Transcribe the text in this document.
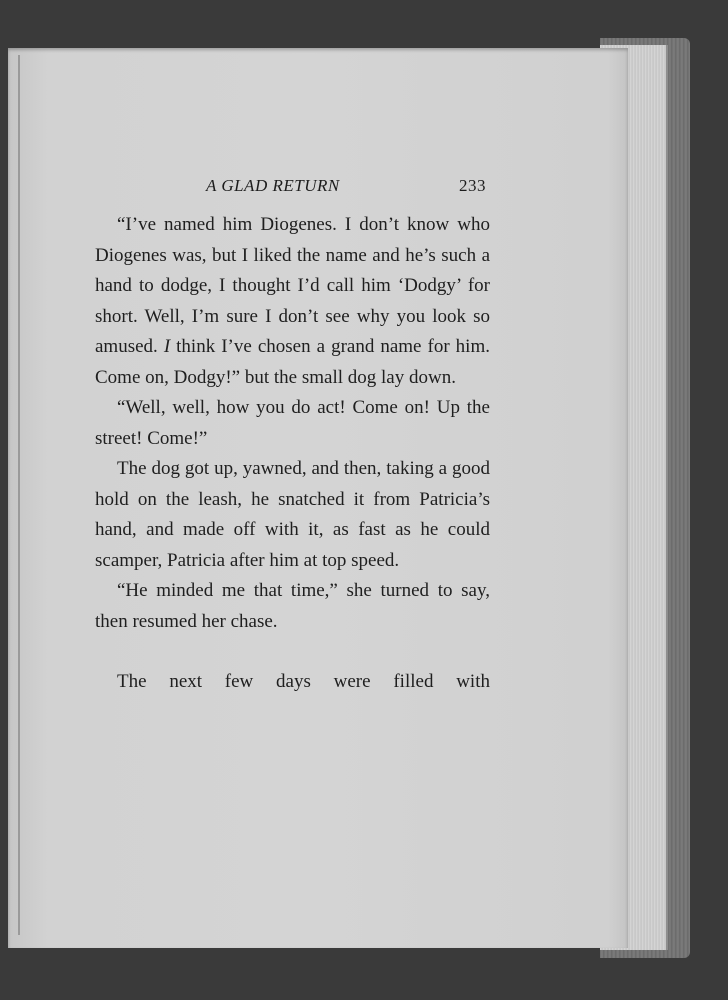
A GLAD RETURN	233

“I’ve named him Diogenes. I don’t know who Diogenes was, but I liked the name and he’s such a hand to dodge, I thought I’d call him ‘Dodgy’ for short. Well, I’m sure I don’t see why you look so amused. I think I’ve chosen a grand name for him. Come on, Dodgy!” but the small dog lay down.

“Well, well, how you do act! Come on! Up the street! Come!”

The dog got up, yawned, and then, taking a good hold on the leash, he snatched it from Patricia’s hand, and made off with it, as fast as he could scamper, Patricia after him at top speed.

“He minded me that time,” she turned to say, then resumed her chase.

The next few days were filled with
